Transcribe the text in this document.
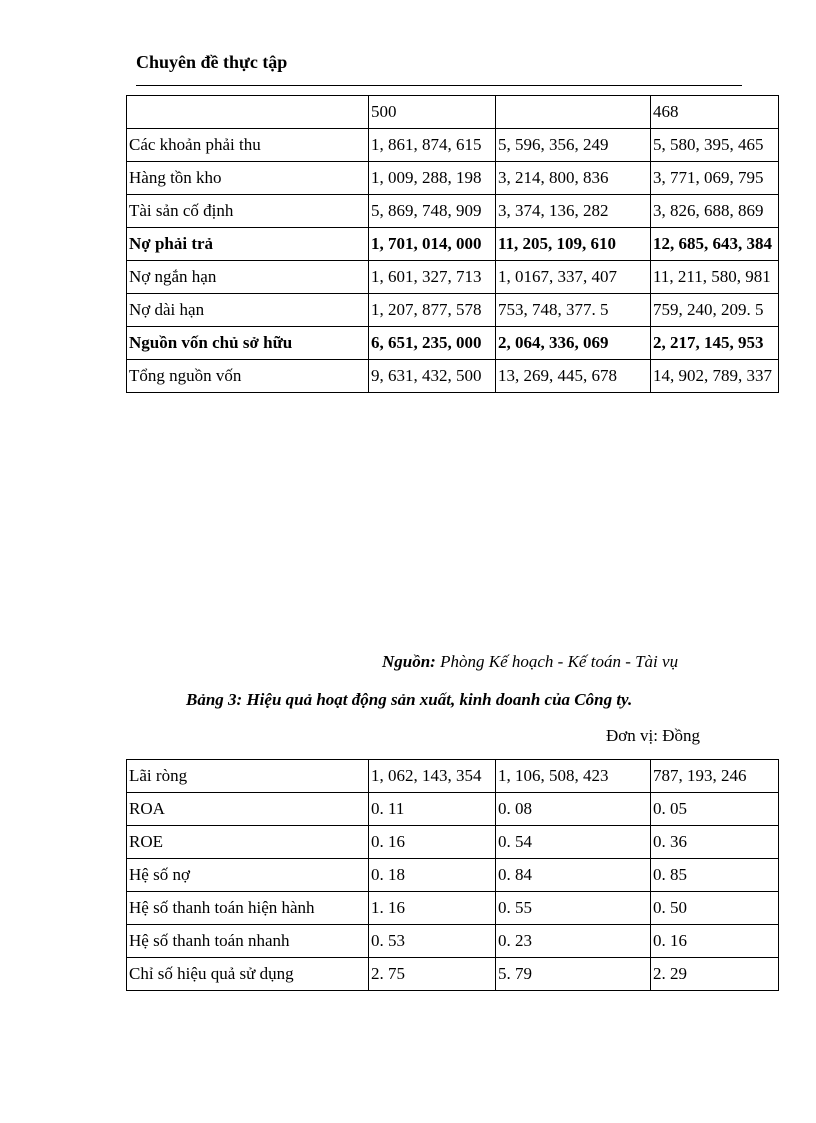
Chuyên đề thực tập
	500		468
Các khoản phải thu	1, 861, 874, 615	5, 596, 356, 249	5, 580, 395, 465
Hàng tồn kho	1, 009, 288, 198	3, 214, 800, 836	3, 771, 069, 795
Tài sản cố định	5, 869, 748, 909	3, 374, 136, 282	3, 826, 688, 869
Nợ phải trả	1, 701, 014, 000	11, 205, 109, 610	12, 685, 643, 384
Nợ ngắn hạn	1, 601, 327, 713	1, 0167, 337, 407	11, 211, 580, 981
Nợ dài hạn	1, 207, 877, 578	753, 748, 377. 5	759, 240, 209. 5
Nguồn vốn chủ sở hữu	6, 651, 235, 000	2, 064, 336, 069	2, 217, 145, 953
Tổng nguồn vốn	9, 631, 432, 500	13, 269, 445, 678	14, 902, 789, 337
Nguồn: Phòng Kế hoạch - Kế toán - Tài vụ
Bảng 3: Hiệu quả hoạt động sản xuất, kinh doanh của Công ty.
Đơn vị: Đồng
Lãi ròng	1, 062, 143, 354	1, 106, 508, 423	787, 193, 246
ROA	0. 11	0. 08	0. 05
ROE	0. 16	0. 54	0. 36
Hệ số nợ	0. 18	0. 84	0. 85
Hệ số thanh toán hiện hành	1. 16	0. 55	0. 50
Hệ số thanh toán nhanh	0. 53	0. 23	0. 16
Chỉ số hiệu quả sử dụng	2. 75	5. 79	2. 29
